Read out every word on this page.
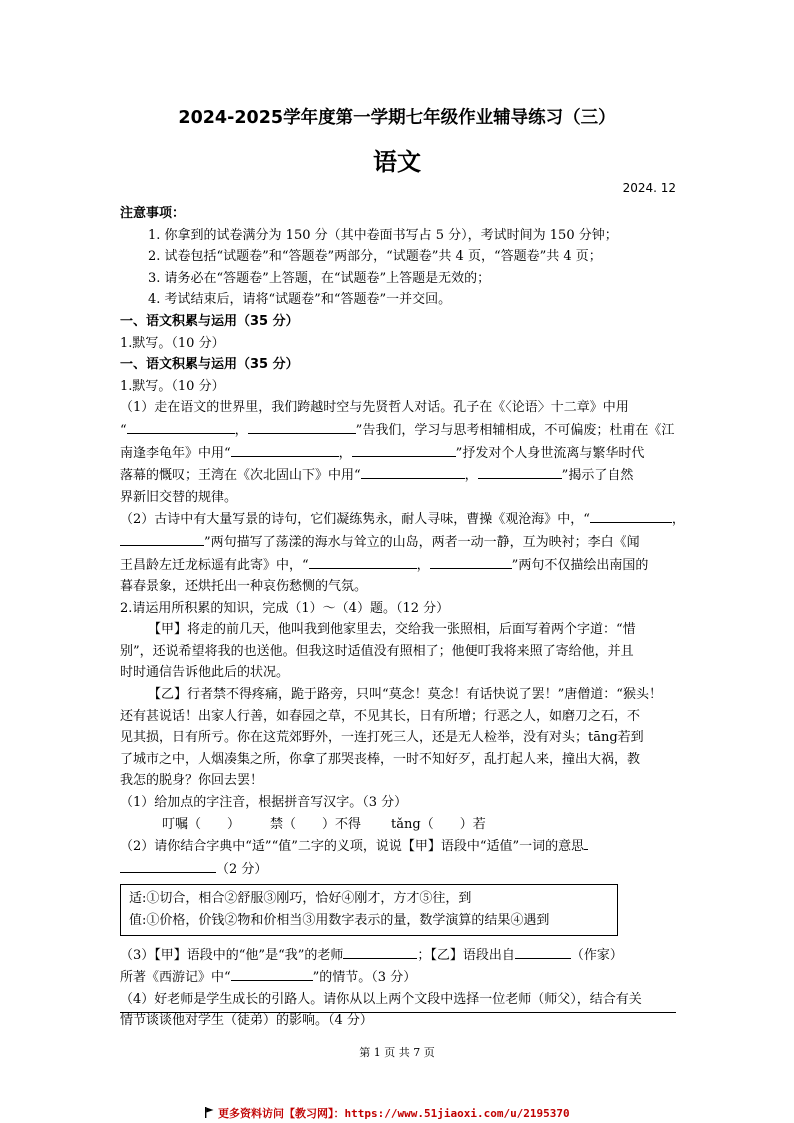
2024-2025学年度第一学期七年级作业辅导练习（三）
语文
2024. 12
注意事项：
1. 你拿到的试卷满分为 150 分（其中卷面书写占 5 分），考试时间为 150 分钟；
2. 试卷包括“试题卷”和“答题卷”两部分，“试题卷”共 4 页，“答题卷”共 4 页；
3. 请务必在“答题卷”上答题，在“试题卷”上答题是无效的；
4. 考试结束后，请将“试题卷”和“答题卷”一并交回。
一、语文积累与运用（35 分）
1.默写。（10 分）
一、语文积累与运用（35 分）
1.默写。（10 分）
（1）走在语文的世界里，我们跨越时空与先贤哲人对话。孔子在《〈论语〉十二章》中用
“	，	”告我们，学习与思考相辅相成，不可偏废；杜甫在《江
南逢李龟年》中用“	，	”抒发对个人身世流离与繁华时代
落幕的慨叹；王湾在《次北固山下》中用“	，	”揭示了自然
界新旧交替的规律。
（2）古诗中有大量写景的诗句，它们凝练隽永，耐人寻味，曹操《观沧海》中，“	，
”两句描写了荡漾的海水与耸立的山岛，两者一动一静，互为映衬；李白《闻
王昌龄左迁龙标遥有此寄》中，“	，	”两句不仅描绘出南国的
暮春景象，还烘托出一种哀伤愁恻的气氛。
2.请运用所积累的知识，完成（1）～（4）题。（12 分）
【甲】将走的前几天，他叫我到他家里去，交给我一张照相，后面写着两个字道：“惜
别”，还说希望将我的也送他。但我这时适值没有照相了；他便叮我将来照了寄给他，并且
时时通信告诉他此后的状况。
【乙】行者禁不得疼痛，跪于路旁，只叫“莫念！莫念！有话快说了罢！”唐僧道：“猴头！
还有甚说话！出家人行善，如春园之草，不见其长，日有所增；行恶之人，如磨刀之石，不
见其损，日有所亏。你在这荒郊野外，一连打死三人，还是无人检举，没有对头；tāng若到
了城市之中，人烟凑集之所，你拿了那哭丧棒，一时不知好歹，乱打起人来，撞出大祸，教
我怎的脱身？你回去罢！
（1）给加点的字注音，根据拼音写汉字。（3 分）
叮嘱（　　） 禁（　　）不得 tǎng（　　）若
（2）请你结合字典中“适”“值”二字的义项，说说【甲】语段中“适值”一词的意思
（2 分）
适:①切合，相合②舒服③刚巧，恰好④刚才，方才⑤往，到
值:①价格，价钱②物和价相当③用数字表示的量，数学演算的结果④遇到
（3）【甲】语段中的“他”是“我”的老师	；【乙】语段出自	（作家）
所著《西游记》中“	”的情节。（3 分）
（4）好老师是学生成长的引路人。请你从以上两个文段中选择一位老师（师父），结合有关
情节谈谈他对学生（徒弟）的影响。（4 分）
第 1 页 共 7 页
更多资料访问【教习网】：https://www.51jiaoxi.com/u/2195370
